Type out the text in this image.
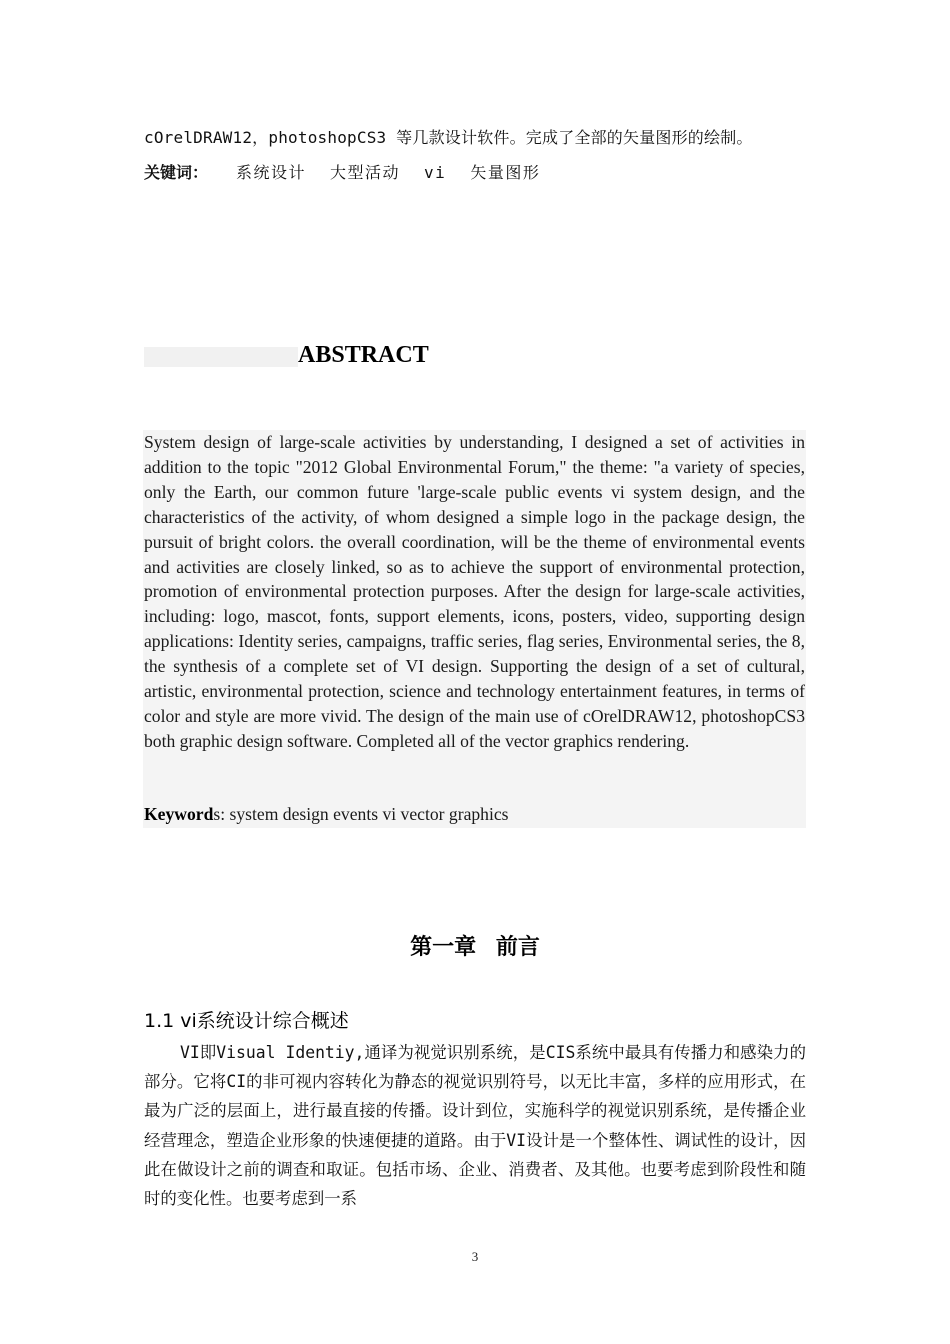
cOrelDRAW12，photoshopCS3 等几款设计软件。完成了全部的矢量图形的绘制。
关键词： 系统设计 大型活动 vi 矢量图形
ABSTRACT

System design of large-scale activities by understanding, I designed a set of activities in addition to the topic "2012 Global Environmental Forum," the theme: "a variety of species, only the Earth, our common future 'large-scale public events vi system design, and the characteristics of the activity, of whom designed a simple logo in the package design, the pursuit of bright colors. the overall coordination, will be the theme of environmental events and activities are closely linked, so as to achieve the support of environmental protection, promotion of environmental protection purposes. After the design for large-scale activities, including: logo, mascot, fonts, support elements, icons, posters, video, supporting design applications: Identity series, campaigns, traffic series, flag series, Environmental series, the 8, the synthesis of a complete set of VI design. Supporting the design of a set of cultural, artistic, environmental protection, science and technology entertainment features, in terms of color and style are more vivid. The design of the main use of cOrelDRAW12, photoshopCS3 both graphic design software. Completed all of the vector graphics rendering.

Keywords: system design events vi vector graphics
第一章 前言
1.1 vi系统设计综合概述

VI即Visual Identiy,通译为视觉识别系统，是CIS系统中最具有传播力和感染力的部分。它将CI的非可视内容转化为静态的视觉识别符号，以无比丰富，多样的应用形式，在最为广泛的层面上，进行最直接的传播。设计到位，实施科学的视觉识别系统，是传播企业经营理念，塑造企业形象的快速便捷的道路。由于VI设计是一个整体性、调试性的设计，因此在做设计之前的调查和取证。包括市场、企业、消费者、及其他。也要考虑到阶段性和随时的变化性。也要考虑到一系

3
